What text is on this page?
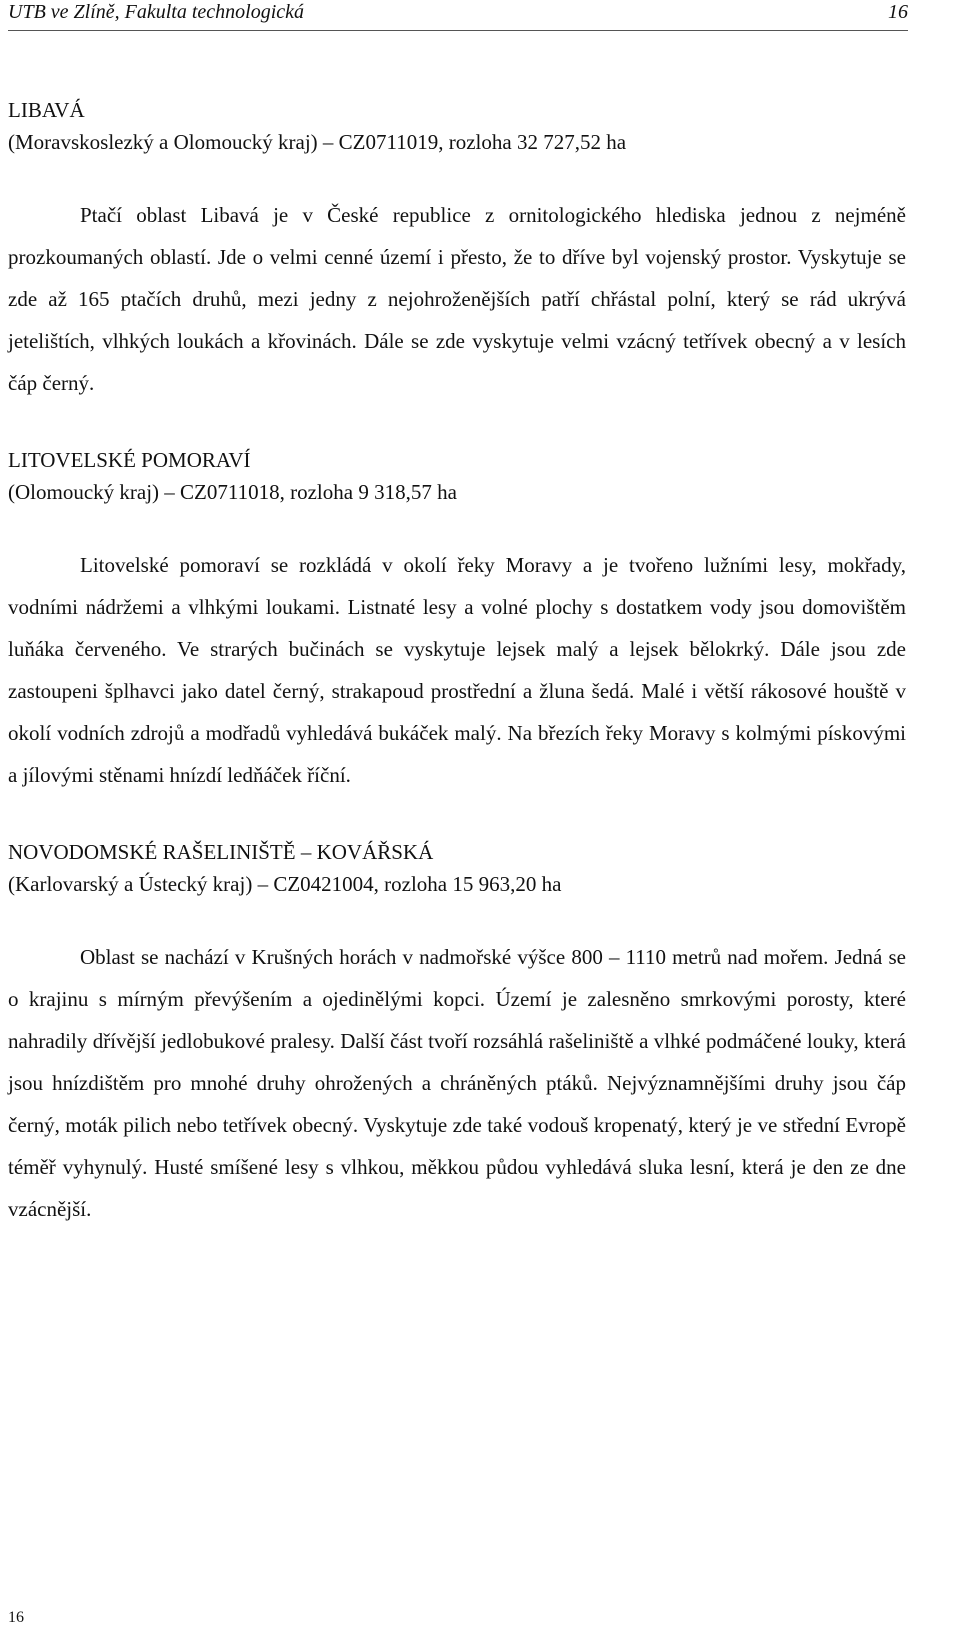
UTB ve Zlíně, Fakulta technologická	16
LIBAVÁ
(Moravskoslezký a Olomoucký kraj) – CZ0711019, rozloha 32 727,52 ha
Ptačí oblast Libavá je v České republice z ornitologického hlediska jednou z nejméně prozkoumaných oblastí. Jde o velmi cenné území i přesto, že to dříve byl vojenský prostor. Vyskytuje se zde až 165 ptačích druhů, mezi jedny z nejohroženějších patří chřástal polní, který se rád ukrývá jetelištích, vlhkých loukách a křovinách. Dále se zde vyskytuje velmi vzácný tetřívek obecný a v lesích čáp černý.
LITOVELSKÉ POMORAVÍ
(Olomoucký kraj) – CZ0711018, rozloha 9 318,57 ha
Litovelské pomoraví se rozkládá v okolí řeky Moravy a je tvořeno lužními lesy, mokřady, vodními nádržemi a vlhkými loukami. Listnaté lesy a volné plochy s dostatkem vody jsou domovištěm luňáka červeného. Ve strarých bučinách se vyskytuje lejsek malý a lejsek bělokrký. Dále jsou zde zastoupeni šplhavci jako datel černý, strakapoud prostřední a žluna šedá. Malé i větší rákosové houště v okolí vodních zdrojů a modřadů vyhledává bukáček malý. Na březích řeky Moravy s kolmými pískovými a jílovými stěnami hnízdí ledňáček říční.
NOVODOMSKÉ RAŠELINIŠTĚ – KOVÁŘSKÁ
(Karlovarský a Ústecký kraj) – CZ0421004, rozloha 15 963,20 ha
Oblast se nachází v Krušných horách v nadmořské výšce 800 – 1110 metrů nad mořem. Jedná se o krajinu s mírným převýšením a ojedinělými kopci. Území je zalesněno smrkovými porosty, které nahradily dřívější jedlobukové pralesy. Další část tvoří rozsáhlá rašeliniště a vlhké podmáčené louky, která jsou hnízdištěm pro mnohé druhy ohrožených a chráněných ptáků. Nejvýznamnějšími druhy jsou čáp černý, moták pilich nebo tetřívek obecný. Vyskytuje zde také vodouš kropenatý, který je ve střední Evropě téměř vyhynulý. Husté smíšené lesy s vlhkou, měkkou půdou vyhledává sluka lesní, která je den ze dne vzácnější.
16
